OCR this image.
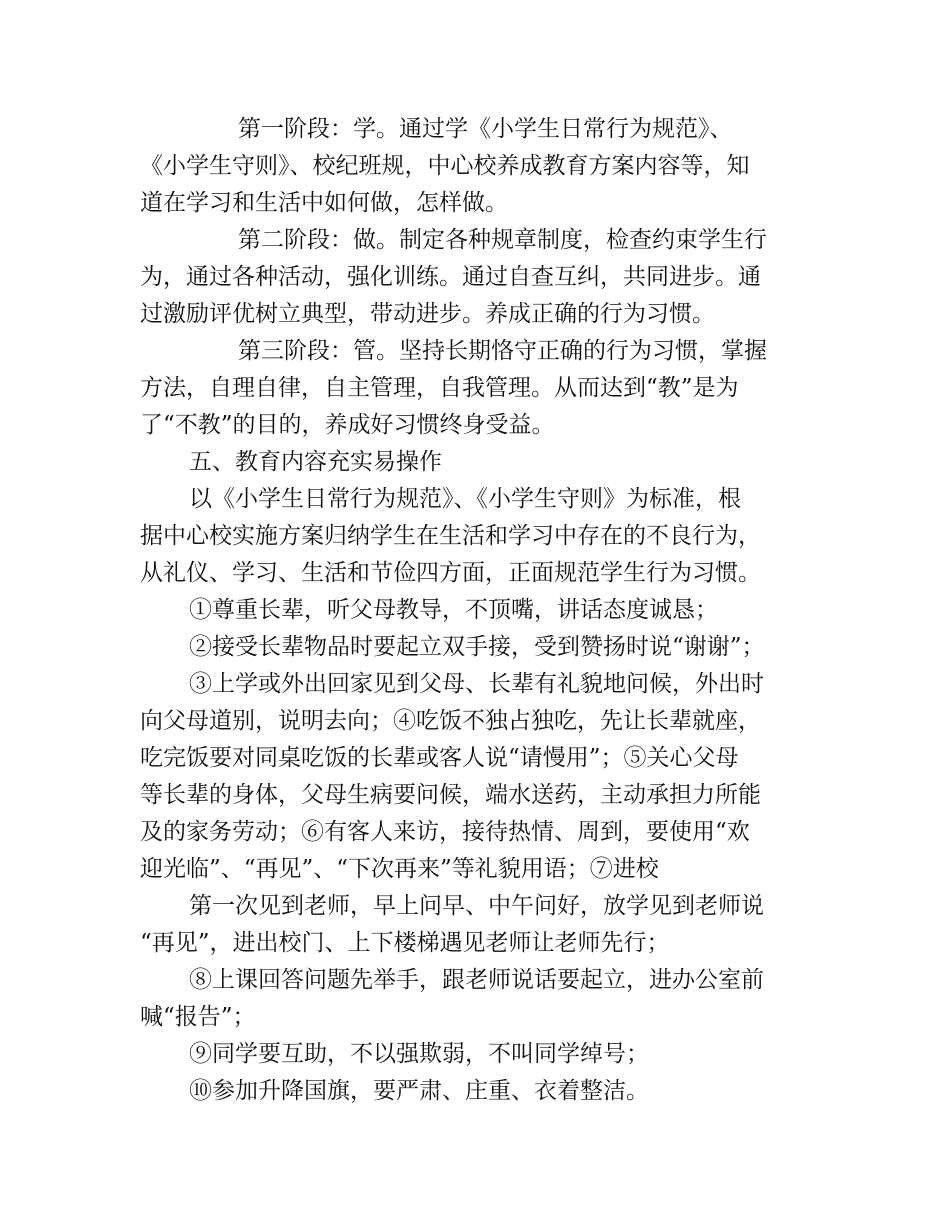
第一阶段：学。通过学《小学生日常行为规范》、

《小学生守则》、校纪班规，中心校养成教育方案内容等，知

道在学习和生活中如何做，怎样做。

第二阶段：做。制定各种规章制度，检查约束学生行

为，通过各种活动，强化训练。通过自查互纠，共同进步。通

过激励评优树立典型，带动进步。养成正确的行为习惯。

第三阶段：管。坚持长期恪守正确的行为习惯，掌握

方法，自理自律，自主管理，自我管理。从而达到“教”是为

了“不教”的目的，养成好习惯终身受益。

五、教育内容充实易操作

以《小学生日常行为规范》、《小学生守则》为标准，根

据中心校实施方案归纳学生在生活和学习中存在的不良行为，

从礼仪、学习、生活和节俭四方面，正面规范学生行为习惯。

①尊重长辈，听父母教导，不顶嘴，讲话态度诚恳；

②接受长辈物品时要起立双手接，受到赞扬时说“谢谢”；

③上学或外出回家见到父母、长辈有礼貌地问候，外出时

向父母道别，说明去向；④吃饭不独占独吃，先让长辈就座，

吃完饭要对同桌吃饭的长辈或客人说“请慢用”；⑤关心父母

等长辈的身体，父母生病要问候，端水送药，主动承担力所能

及的家务劳动；⑥有客人来访，接待热情、周到，要使用“欢

迎光临”、“再见”、“下次再来”等礼貌用语；⑦进校

第一次见到老师，早上问早、中午问好，放学见到老师说

“再见”，进出校门、上下楼梯遇见老师让老师先行；

⑧上课回答问题先举手，跟老师说话要起立，进办公室前

喊“报告”；

⑨同学要互助，不以强欺弱，不叫同学绰号；

⑩参加升降国旗，要严肃、庄重、衣着整洁。
